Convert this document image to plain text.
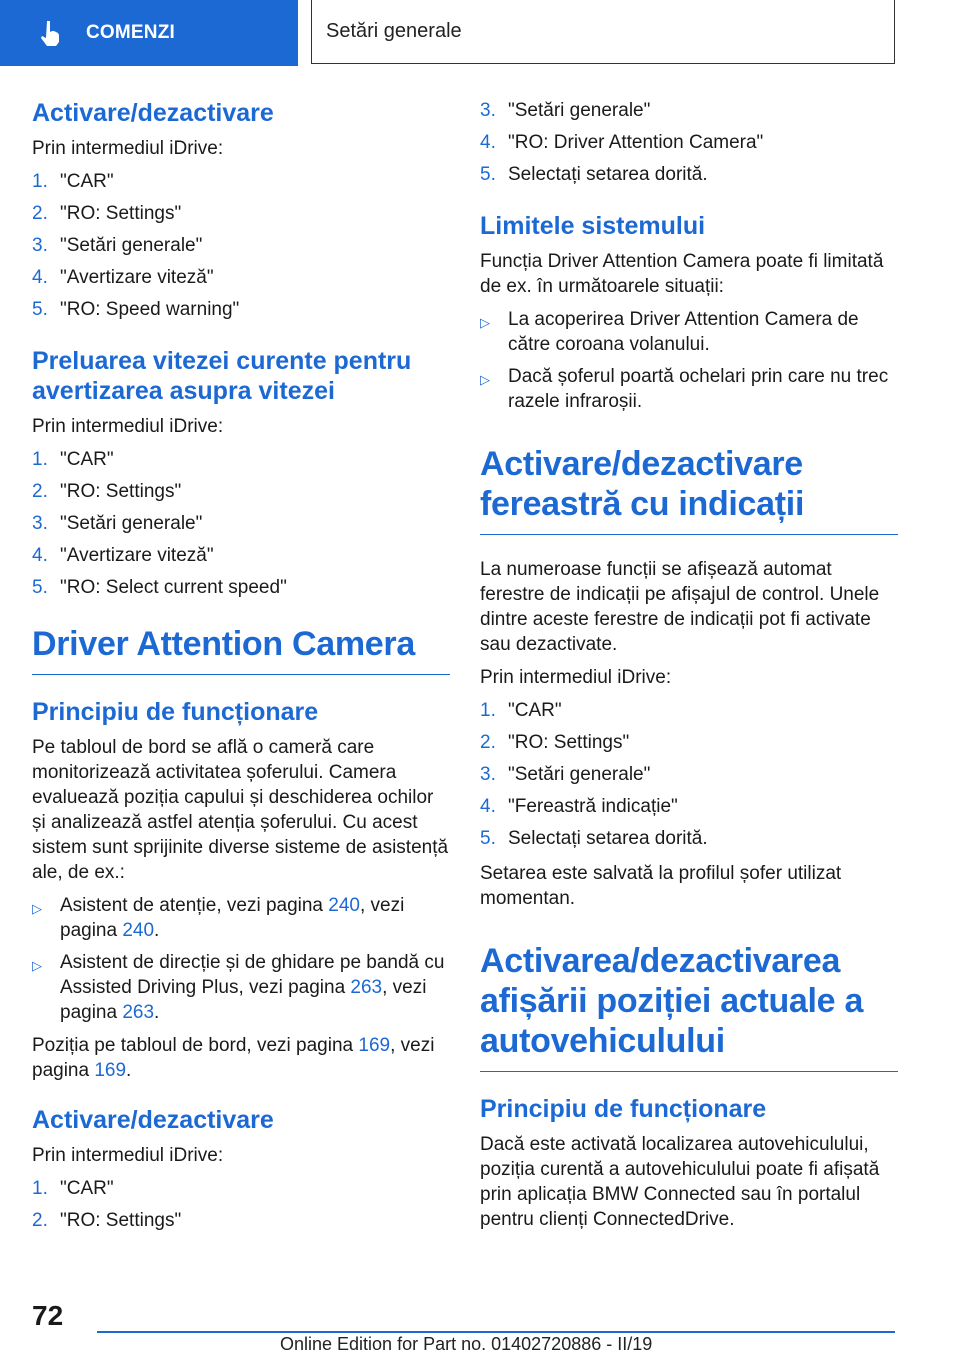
COMENZI	Setări generale
Activare/dezactivare

Prin intermediul iDrive:

1. "CAR"
2. "RO: Settings"
3. "Setări generale"
4. "Avertizare viteză"
5. "RO: Speed warning"
Preluarea vitezei curente pentru avertizarea asupra vitezei

Prin intermediul iDrive:

1. "CAR"
2. "RO: Settings"
3. "Setări generale"
4. "Avertizare viteză"
5. "RO: Select current speed"
Driver Attention Camera
Principiu de funcționare

Pe tabloul de bord se află o cameră care monitorizează activitatea șoferului. Camera evaluează poziția capului și deschiderea ochilor și analizează astfel atenția șoferului. Cu acest sistem sunt sprijinite diverse sisteme de asistență ale, de ex.:

▷ Asistent de atenție, vezi pagina 240, vezi pagina 240.
▷ Asistent de direcție și de ghidare pe bandă cu Assisted Driving Plus, vezi pagina 263, vezi pagina 263.

Poziția pe tabloul de bord, vezi pagina 169, vezi pagina 169.

Activare/dezactivare

Prin intermediul iDrive:

1. "CAR"
2. "RO: Settings"
3. "Setări generale"
4. "RO: Driver Attention Camera"
5. Selectați setarea dorită.
Limitele sistemului

Funcția Driver Attention Camera poate fi limitată de ex. în următoarele situații:

▷ La acoperirea Driver Attention Camera de către coroana volanului.
▷ Dacă șoferul poartă ochelari prin care nu trec razele infraroșii.
Activare/dezactivare fereastră cu indicații

La numeroase funcții se afișează automat ferestre de indicații pe afișajul de control. Unele dintre aceste ferestre de indicații pot fi activate sau dezactivate.

Prin intermediul iDrive:

1. "CAR"
2. "RO: Settings"
3. "Setări generale"
4. "Fereastră indicație"
5. Selectați setarea dorită.

Setarea este salvată la profilul șofer utilizat momentan.

Activarea/dezactivarea afișării poziției actuale a autovehiculului
Principiu de funcționare

Dacă este activată localizarea autovehiculului, poziția curentă a autovehiculului poate fi afișată prin aplicația BMW Connected sau în portalul pentru clienți ConnectedDrive.

72
Online Edition for Part no. 01402720886 - II/19
